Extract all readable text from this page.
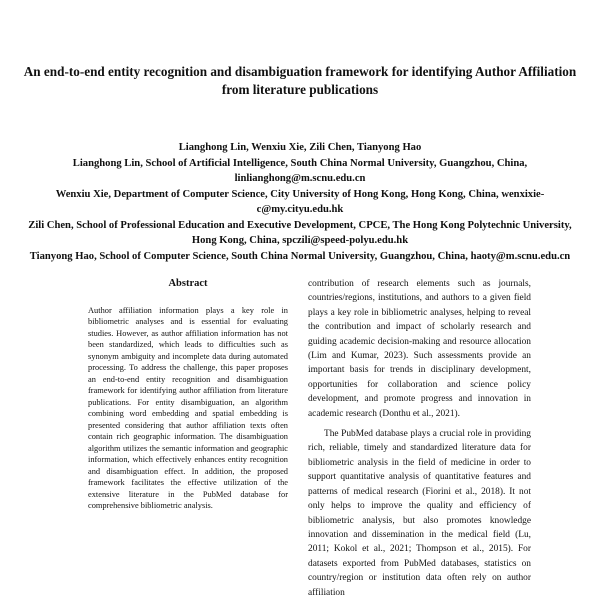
An end-to-end entity recognition and disambiguation framework for identifying Author Affiliation from literature publications
Lianghong Lin, Wenxiu Xie, Zili Chen, Tianyong Hao
Lianghong Lin, School of Artificial Intelligence, South China Normal University, Guangzhou, China, linlianghong@m.scnu.edu.cn
Wenxiu Xie, Department of Computer Science, City University of Hong Kong, Hong Kong, China, wenxixie-c@my.cityu.edu.hk
Zili Chen, School of Professional Education and Executive Development, CPCE, The Hong Kong Polytechnic University, Hong Kong, China, spczili@speed-polyu.edu.hk
Tianyong Hao, School of Computer Science, South China Normal University, Guangzhou, China, haoty@m.scnu.edu.cn
Abstract

Author affiliation information plays a key role in bibliometric analyses and is essential for evaluating studies. However, as author affiliation information has not been standardized, which leads to difficulties such as synonym ambiguity and incomplete data during automated processing. To address the challenge, this paper proposes an end-to-end entity recognition and disambiguation framework for identifying author affiliation from literature publications. For entity disambiguation, an algorithm combining word embedding and spatial embedding is presented considering that author affiliation texts often contain rich geographic information. The disambiguation algorithm utilizes the semantic information and geographic information, which effectively enhances entity recognition and disambiguation effect. In addition, the proposed framework facilitates the effective utilization of the extensive literature in the PubMed database for comprehensive bibliometric analysis.

contribution of research elements such as journals, countries/regions, institutions, and authors to a given field plays a key role in bibliometric analyses, helping to reveal the contribution and impact of scholarly research and guiding academic decision-making and resource allocation (Lim and Kumar, 2023). Such assessments provide an important basis for trends in disciplinary development, opportunities for collaboration and science policy development, and promote progress and innovation in academic research (Donthu et al., 2021).

The PubMed database plays a crucial role in providing rich, reliable, timely and standardized literature data for bibliometric analysis in the field of medicine in order to support quantitative analysis of quantitative features and patterns of medical research (Fiorini et al., 2018). It not only helps to improve the quality and efficiency of bibliometric analysis, but also promotes knowledge innovation and dissemination in the medical field (Lu, 2011; Kokol et al., 2021; Thompson et al., 2015). For datasets exported from PubMed databases, statistics on country/region or institution data often rely on author affiliation
